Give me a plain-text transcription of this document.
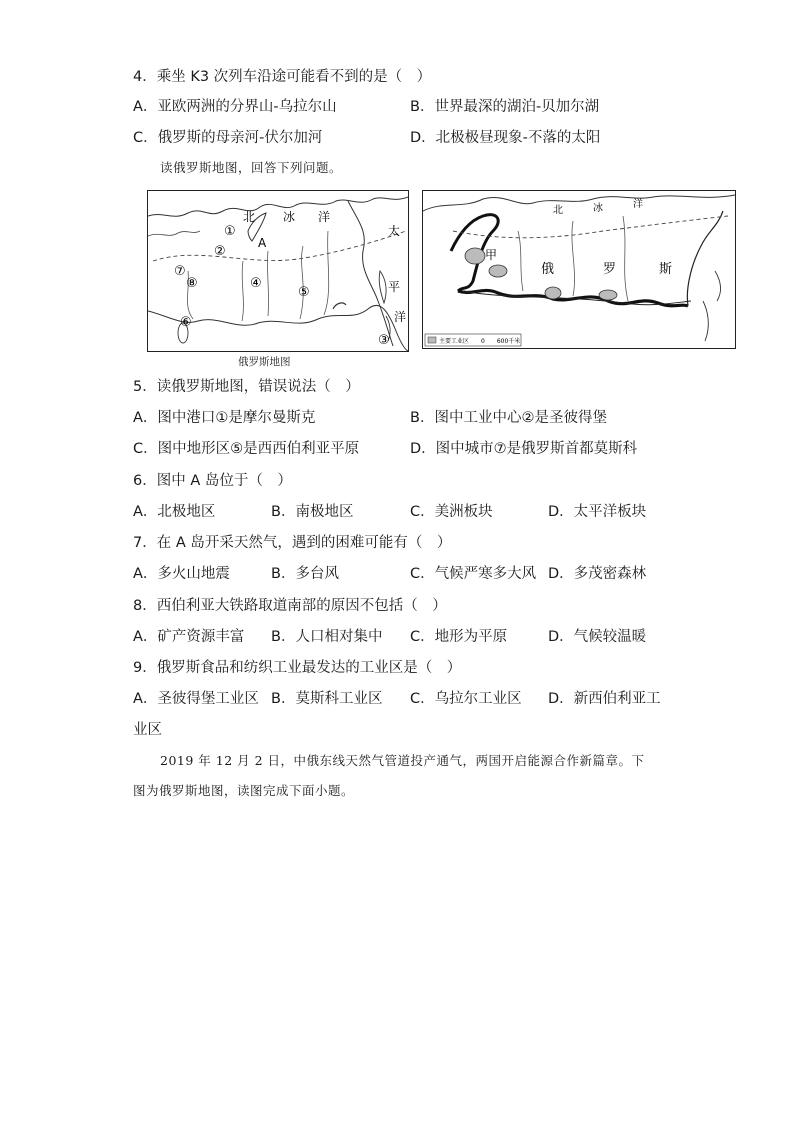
4．乘坐 K3 次列车沿途可能看不到的是（　）
A．亚欧两洲的分界山-乌拉尔山	B．世界最深的湖泊-贝加尔湖
C．俄罗斯的母亲河-伏尔加河	D．北极极昼现象-不落的太阳
读俄罗斯地图，回答下列问题。
北 冰 洋
太
平
洋
A
①
②
③
④
⑤
⑥
⑦
⑧
俄罗斯地图
主要工业区 0　　600千米
北	冰	洋
甲
俄	罗	斯
5．读俄罗斯地图，错误说法（　）
A．图中港口①是摩尔曼斯克	B．图中工业中心②是圣彼得堡
C．图中地形区⑤是西西伯利亚平原	D．图中城市⑦是俄罗斯首都莫斯科
6．图中 A 岛位于（　）
A．北极地区	B．南极地区	C．美洲板块	D．太平洋板块
7．在 A 岛开采天然气，遇到的困难可能有（　）
A．多火山地震	B．多台风	C．气候严寒多大风 D．多茂密森林
8．西伯利亚大铁路取道南部的原因不包括（　）
A．矿产资源丰富 B．人口相对集中 C．地形为平原	D．气候较温暖
9．俄罗斯食品和纺织工业最发达的工业区是（　）
A．圣彼得堡工业区 B．莫斯科工业区 C．乌拉尔工业区 D．新西伯利亚工
业区
2019 年 12 月 2 日，中俄东线天然气管道投产通气，两国开启能源合作新篇章。下
图为俄罗斯地图，读图完成下面小题。
